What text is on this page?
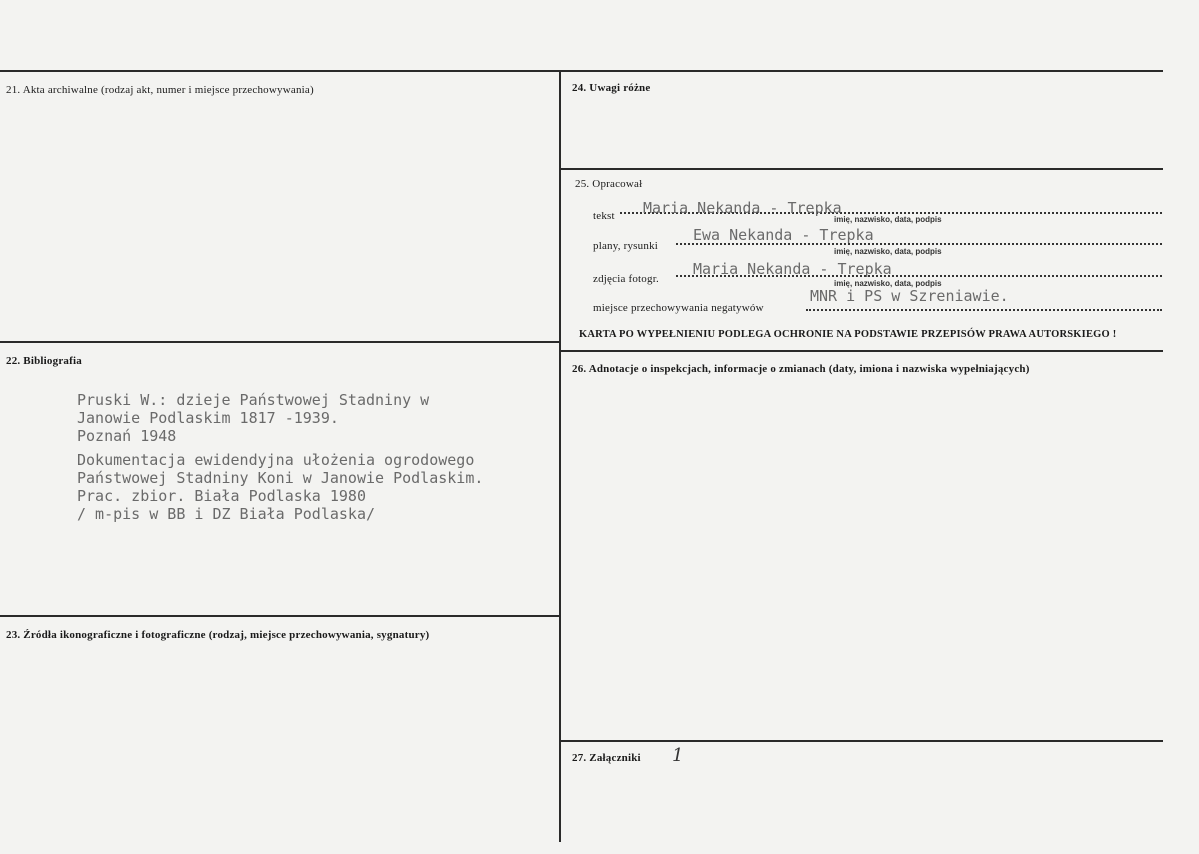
21. Akta archiwalne (rodzaj akt, numer i miejsce przechowywania)
22. Bibliografia
Pruski W.: dzieje Państwowej Stadniny w
Janowie Podlaskim 1817 -1939.
Poznań 1948
Dokumentacja ewidendyjna ułożenia ogrodowego
Państwowej Stadniny Koni w Janowie Podlaskim.
Prac. zbior. Biała Podlaska 1980
/ m-pis w BB i DZ Biała Podlaska/
23. Źródła ikonograficzne i fotograficzne (rodzaj, miejsce przechowywania, sygnatury)
24. Uwagi różne
25. Opracował
tekst Maria Nekanda - Trepka
imię, nazwisko, data, podpis
plany, rysunki
Ewa Nekanda - Trepka
imię, nazwisko, data, podpis
zdjęcia fotogr.
Maria Nekanda - Trepka
imię, nazwisko, data, podpis
miejsce przechowywania negatywów
MNR i PS w Szreniawie.
KARTA PO WYPEŁNIENIU PODLEGA OCHRONIE NA PODSTAWIE PRZEPISÓW PRAWA AUTORSKIEGO !
26. Adnotacje o inspekcjach, informacje o zmianach (daty, imiona i nazwiska wypełniających)
27. Załączniki 1
